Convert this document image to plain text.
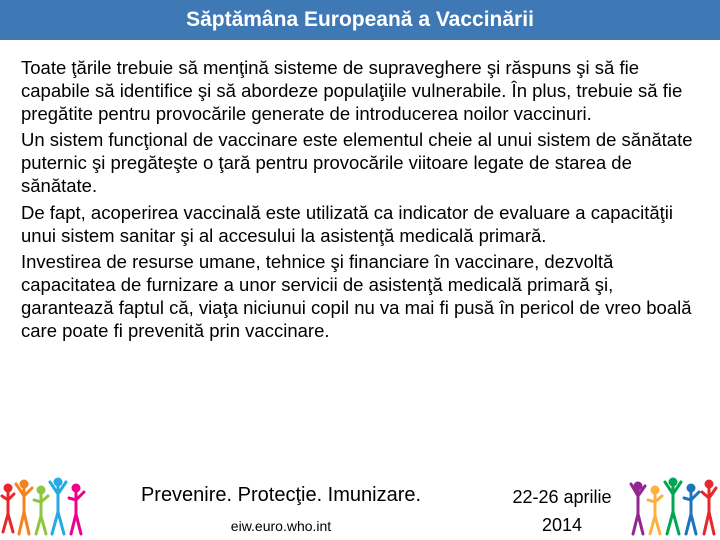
Săptămâna Europeană a Vaccinării

Toate ţările trebuie să menţină sisteme de supraveghere şi răspuns şi să fie capabile să identifice şi să abordeze populaţiile vulnerabile. În plus, trebuie să fie pregătite pentru provocările generate de introducerea noilor vaccinuri.

Un sistem funcţional de vaccinare este elementul cheie al unui sistem de sănătate puternic şi pregăteşte o ţară pentru provocările viitoare legate de starea de sănătate.

De fapt, acoperirea vaccinală este utilizată ca indicator de evaluare a capacităţii unui sistem sanitar şi al accesului la asistenţă medicală primară.

Investirea de resurse umane, tehnice şi financiare în vaccinare, dezvoltă capacitatea de furnizare a unor servicii de asistenţă medicală primară şi, garantează faptul că, viaţa niciunui copil nu va mai fi pusă în pericol de vreo boală care poate fi prevenită prin vaccinare.

Prevenire. Protecţie. Imunizare.
eiw.euro.who.int
22-26 aprilie
2014
